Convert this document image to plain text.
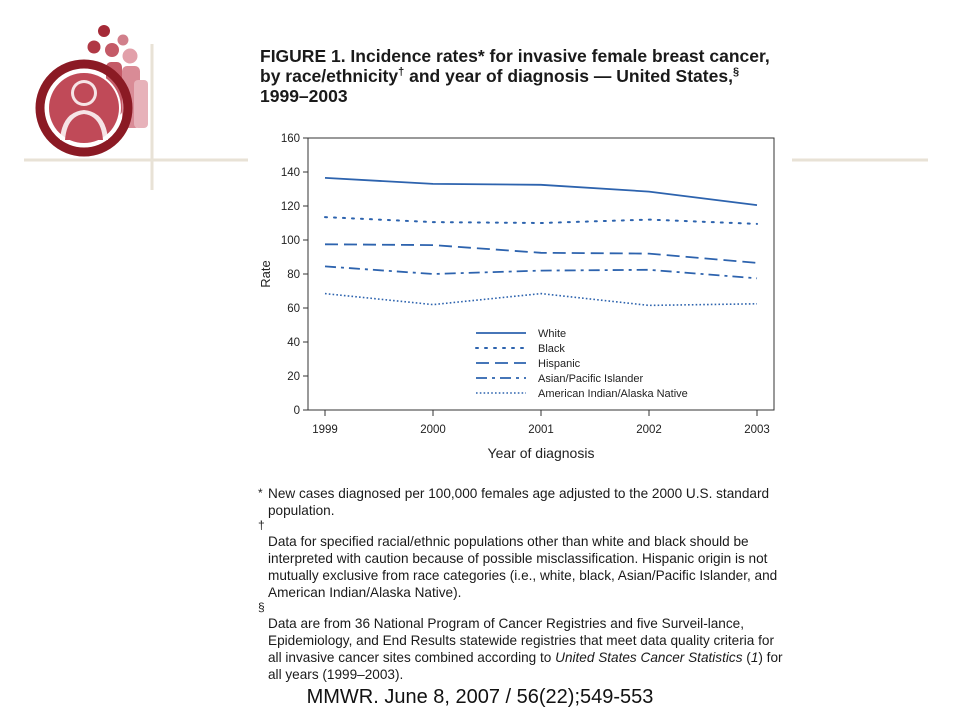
FIGURE 1. Incidence rates* for invasive female breast cancer,
by race/ethnicity† and year of diagnosis — United States,§
1999–2003
0
20
40
60
80
100
120
140
160
1999	2000	2001	2002	2003
White
Black
Hispanic
Asian/Pacific Islander
American Indian/Alaska Native
Rate
Year of diagnosis

* New cases diagnosed per 100,000 females age adjusted to the 2000 U.S. standard population.

†
Data for specified racial/ethnic populations other than white and black should be interpreted with caution because of possible misclassification. Hispanic origin is not mutually exclusive from race categories (i.e., white, black, Asian/Pacific Islander, and American Indian/Alaska Native).

§
Data are from 36 National Program of Cancer Registries and five Surveil-lance, Epidemiology, and End Results statewide registries that meet data quality criteria for all invasive cancer sites combined according to United States Cancer Statistics (1) for all years (1999–2003).

MMWR. June 8, 2007 / 56(22);549-553
